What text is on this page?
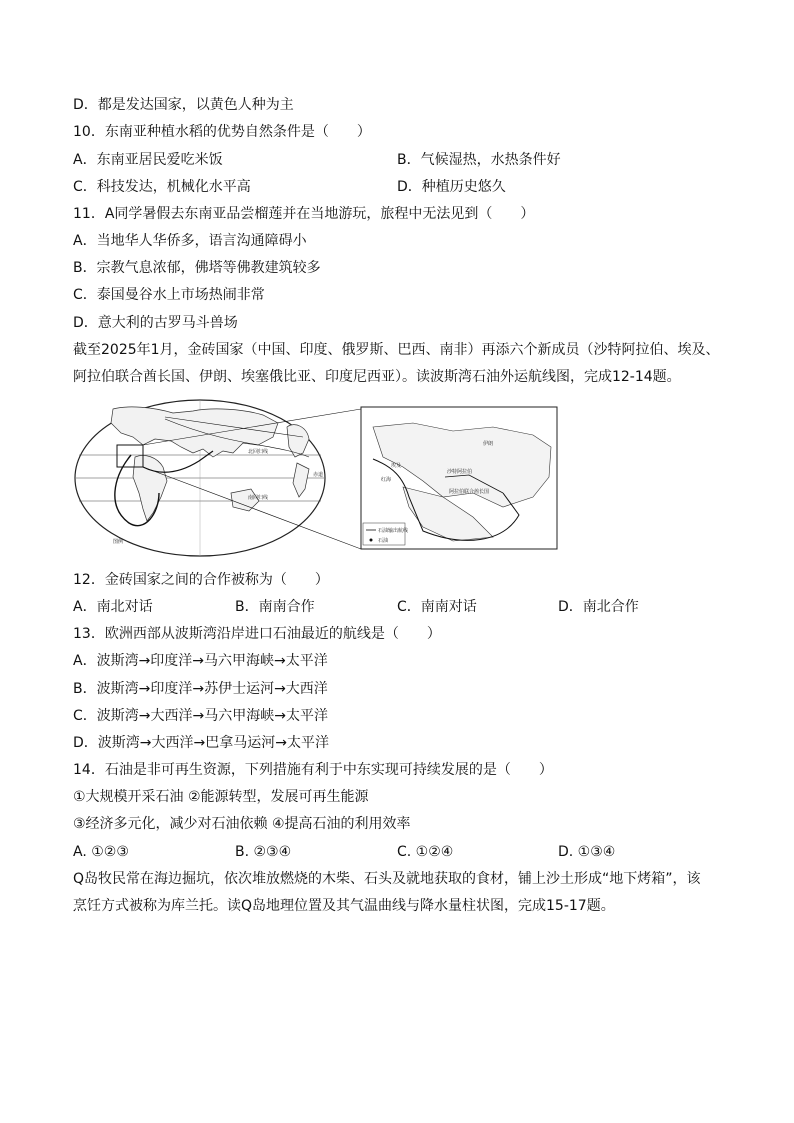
D．都是发达国家，以黄色人种为主
10．东南亚种植水稻的优势自然条件是（　　）
A．东南亚居民爱吃米饭	B．气候湿热，水热条件好
C．科技发达，机械化水平高	D．种植历史悠久
11．A同学暑假去东南亚品尝榴莲并在当地游玩，旅程中无法见到（　　）
A．当地华人华侨多，语言沟通障碍小
B．宗教气息浓郁，佛塔等佛教建筑较多
C．泰国曼谷水上市场热闹非常
D．意大利的古罗马斗兽场
截至2025年1月，金砖国家（中国、印度、俄罗斯、巴西、南非）再添六个新成员（沙特阿拉伯、埃及、
阿拉伯联合酋长国、伊朗、埃塞俄比亚、印度尼西亚）。读波斯湾石油外运航线图，完成12-14题。
北回归线
赤道
南回归线
图例
埃及
伊朗
沙特阿拉伯
阿拉伯联合酋长国
红海
石油输出航线
石油
12．金砖国家之间的合作被称为（　　）
A．南北对话	B．南南合作	C．南南对话	D．南北合作
13．欧洲西部从波斯湾沿岸进口石油最近的航线是（　　）
A．波斯湾→印度洋→马六甲海峡→太平洋
B．波斯湾→印度洋→苏伊士运河→大西洋
C．波斯湾→大西洋→马六甲海峡→太平洋
D．波斯湾→大西洋→巴拿马运河→太平洋
14．石油是非可再生资源，下列措施有利于中东实现可持续发展的是（　　）
①大规模开采石油 ②能源转型，发展可再生能源
③经济多元化，减少对石油依赖 ④提高石油的利用效率
A. ①②③	B. ②③④	C. ①②④	D. ①③④
Q岛牧民常在海边掘坑，依次堆放燃烧的木柴、石头及就地获取的食材，铺上沙土形成“地下烤箱”，该
烹饪方式被称为库兰托。读Q岛地理位置及其气温曲线与降水量柱状图，完成15-17题。
